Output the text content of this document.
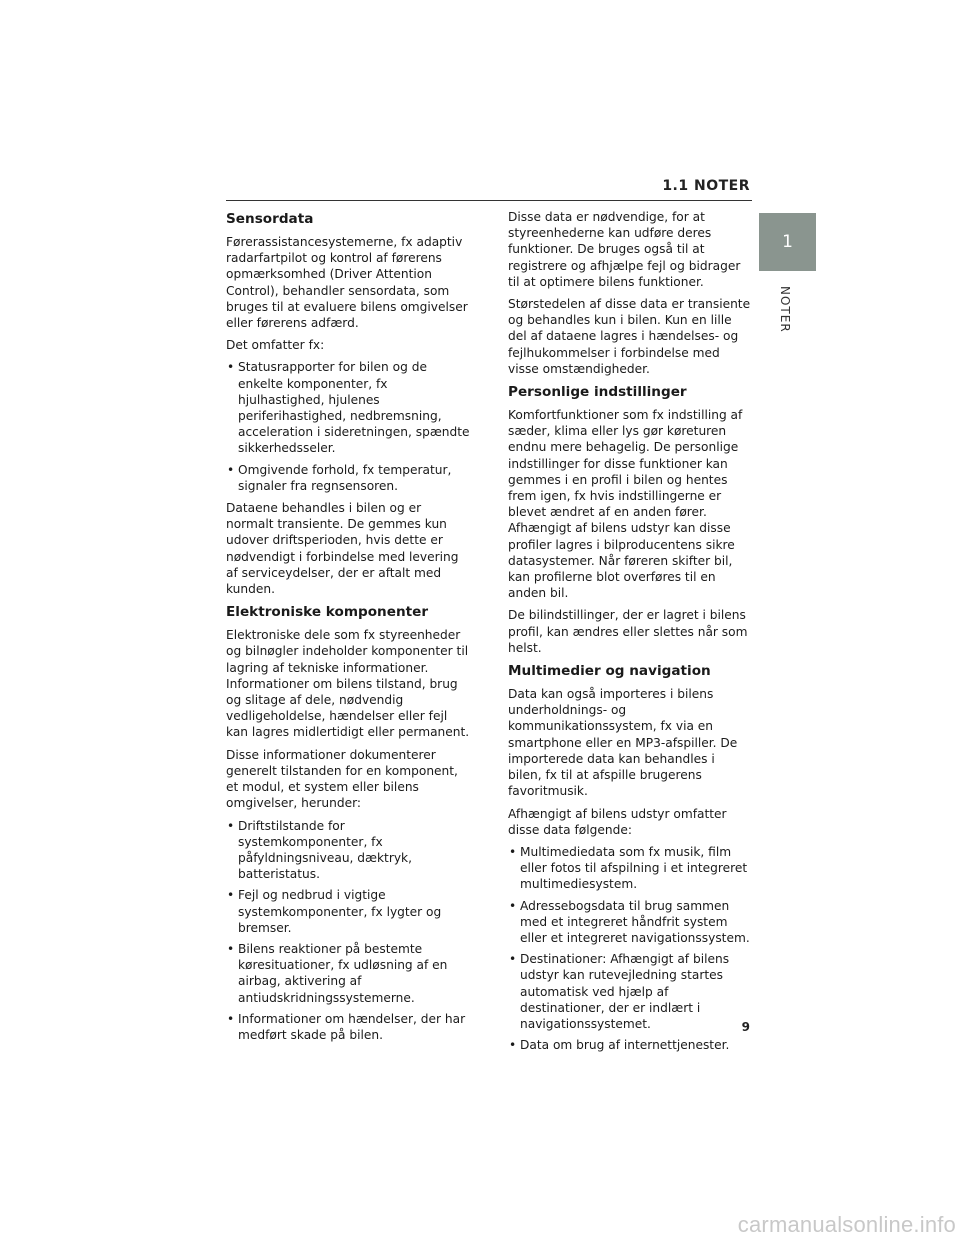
1.1 NOTER
1
NOTER
Sensordata

Førerassistancesystemerne, fx adaptiv radarfartpilot og kontrol af førerens opmærksomhed (Driver Attention Control), behandler sensordata, som bruges til at evaluere bilens omgivelser eller førerens adfærd.

Det omfatter fx:

• Statusrapporter for bilen og de enkelte komponenter, fx hjulhastighed, hjulenes periferihastighed, nedbremsning, acceleration i sideretningen, spændte sikkerhedsseler.
• Omgivende forhold, fx temperatur, signaler fra regnsensoren.

Dataene behandles i bilen og er normalt transiente. De gemmes kun udover driftsperioden, hvis dette er nødvendigt i forbindelse med levering af serviceydelser, der er aftalt med kunden.

Elektroniske komponenter

Elektroniske dele som fx styreenheder og bilnøgler indeholder komponenter til lagring af tekniske informationer. Informationer om bilens tilstand, brug og slitage af dele, nødvendig vedligeholdelse, hændelser eller fejl kan lagres midlertidigt eller permanent.

Disse informationer dokumenterer generelt tilstanden for en komponent, et modul, et system eller bilens omgivelser, herunder:

• Driftstilstande for systemkomponenter, fx påfyldningsniveau, dæktryk, batteristatus.
• Fejl og nedbrud i vigtige systemkomponenter, fx lygter og bremser.
• Bilens reaktioner på bestemte køresituationer, fx udløsning af en airbag, aktivering af antiudskridningssystemerne.
• Informationer om hændelser, der har medført skade på bilen.

Disse data er nødvendige, for at styreenhederne kan udføre deres funktioner. De bruges også til at registrere og afhjælpe fejl og bidrager til at optimere bilens funktioner.

Størstedelen af disse data er transiente og behandles kun i bilen. Kun en lille del af dataene lagres i hændelses- og fejlhukommelser i forbindelse med visse omstændigheder.

Personlige indstillinger

Komfortfunktioner som fx indstilling af sæder, klima eller lys gør køreturen endnu mere behagelig. De personlige indstillinger for disse funktioner kan gemmes i en profil i bilen og hentes frem igen, fx hvis indstillingerne er blevet ændret af en anden fører. Afhængigt af bilens udstyr kan disse profiler lagres i bilproducentens sikre datasystemer. Når føreren skifter bil, kan profilerne blot overføres til en anden bil.

De bilindstillinger, der er lagret i bilens profil, kan ændres eller slettes når som helst.

Multimedier og navigation

Data kan også importeres i bilens underholdnings- og kommunikationssystem, fx via en smartphone eller en MP3-afspiller. De importerede data kan behandles i bilen, fx til at afspille brugerens favoritmusik.

Afhængigt af bilens udstyr omfatter disse data følgende:

• Multimediedata som fx musik, film eller fotos til afspilning i et integreret multimediesystem.
• Adressebogsdata til brug sammen med et integreret håndfrit system eller et integreret navigationssystem.
• Destinationer: Afhængigt af bilens udstyr kan rutevejledning startes automatisk ved hjælp af destinationer, der er indlært i navigationssystemet.
• Data om brug af internettjenester.
9
carmanualsonline.info
